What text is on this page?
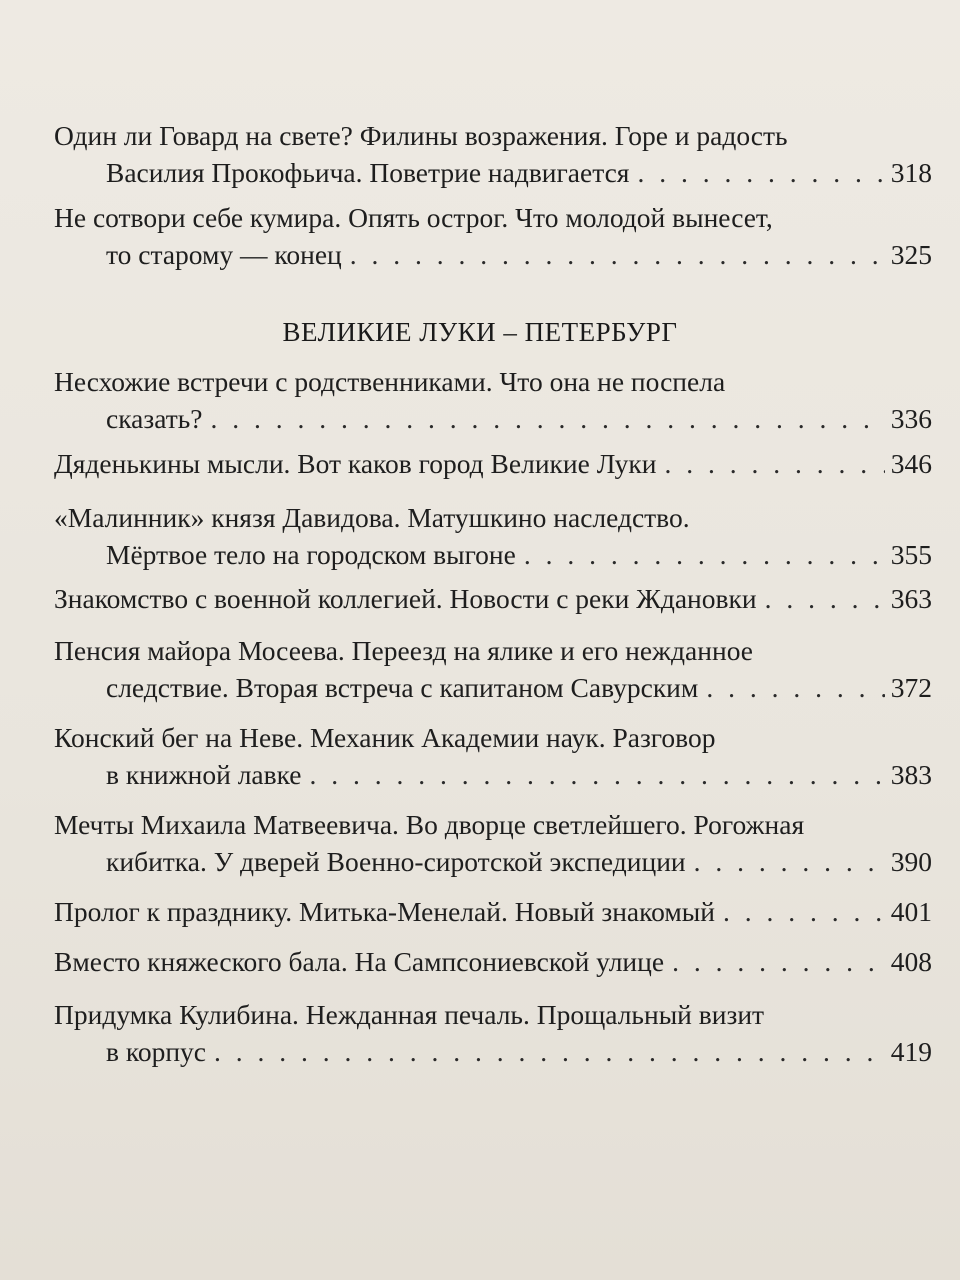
Один ли Говард на свете? Филины возражения. Горе и радость
Василия Прокофьича. Поветрие надвигается . . .	318
Не сотвори себе кумира. Опять острог. Что молодой вынесет,
то старому — конец . . .	325
ВЕЛИКИЕ ЛУКИ – ПЕТЕРБУРГ
Несхожие встречи с родственниками. Что она не поспела
сказать? . . .	336
Дяденькины мысли. Вот каков город Великие Луки . . .	346
«Малинник» князя Давидова. Матушкино наследство.
Мёртвое тело на городском выгоне . . .	355
Знакомство с военной коллегией. Новости с реки Ждановки . . .	363
Пенсия майора Мосеева. Переезд на ялике и его нежданное
следствие. Вторая встреча с капитаном Савурским . . .	372
Конский бег на Неве. Механик Академии наук. Разговор
в книжной лавке . . .	383
Мечты Михаила Матвеевича. Во дворце светлейшего. Рогожная
кибитка. У дверей Военно-сиротской экспедиции . . .	390
Пролог к празднику. Митька-Менелай. Новый знакомый . . .	401
Вместо княжеского бала. На Сампсониевской улице . . .	408
Придумка Кулибина. Нежданная печаль. Прощальный визит
в корпус . . .	419
